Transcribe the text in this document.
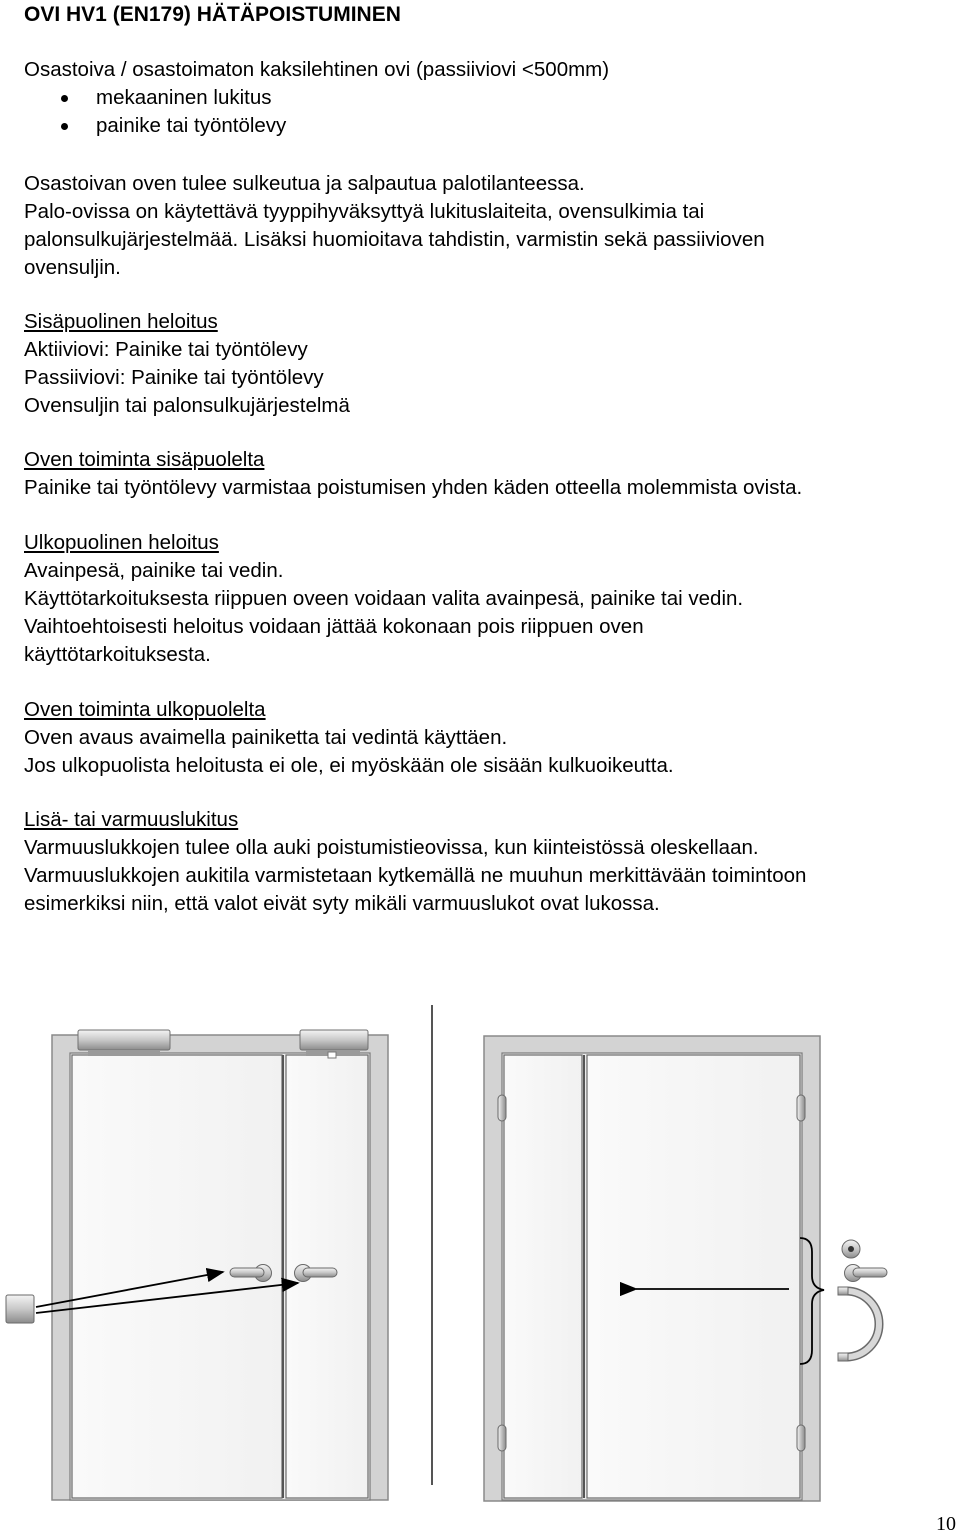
OVI HV1 (EN179) HÄTÄPOISTUMINEN

Osastoiva / osastoimaton kaksilehtinen ovi (passiiviovi <500mm)

mekaaninen lukitus
painike tai työntölevy

Osastoivan oven tulee sulkeutua ja salpautua palotilanteessa.

Palo-ovissa on käytettävä tyyppihyväksyttyä lukituslaiteita, ovensulkimia tai

palonsulkujärjestelmää. Lisäksi huomioitava tahdistin, varmistin sekä passiivioven

ovensuljin.

Sisäpuolinen heloitus

Aktiiviovi: Painike tai työntölevy

Passiiviovi: Painike tai työntölevy

Ovensuljin tai palonsulkujärjestelmä

Oven toiminta sisäpuolelta

Painike tai työntölevy varmistaa poistumisen yhden käden otteella molemmista ovista.

Ulkopuolinen heloitus

Avainpesä, painike tai vedin.

Käyttötarkoituksesta riippuen oveen voidaan valita avainpesä, painike tai vedin.

Vaihtoehtoisesti heloitus voidaan jättää kokonaan pois riippuen oven

käyttötarkoituksesta.

Oven toiminta ulkopuolelta

Oven avaus avaimella painiketta tai vedintä käyttäen.

Jos ulkopuolista heloitusta ei ole, ei myöskään ole sisään kulkuoikeutta.

Lisä- tai varmuuslukitus

Varmuuslukkojen tulee olla auki poistumistieovissa, kun kiinteistössä oleskellaan.

Varmuuslukkojen aukitila varmistetaan kytkemällä ne muuhun merkittävään toimintoon

esimerkiksi niin, että valot eivät syty mikäli varmuuslukot ovat lukossa.

10
